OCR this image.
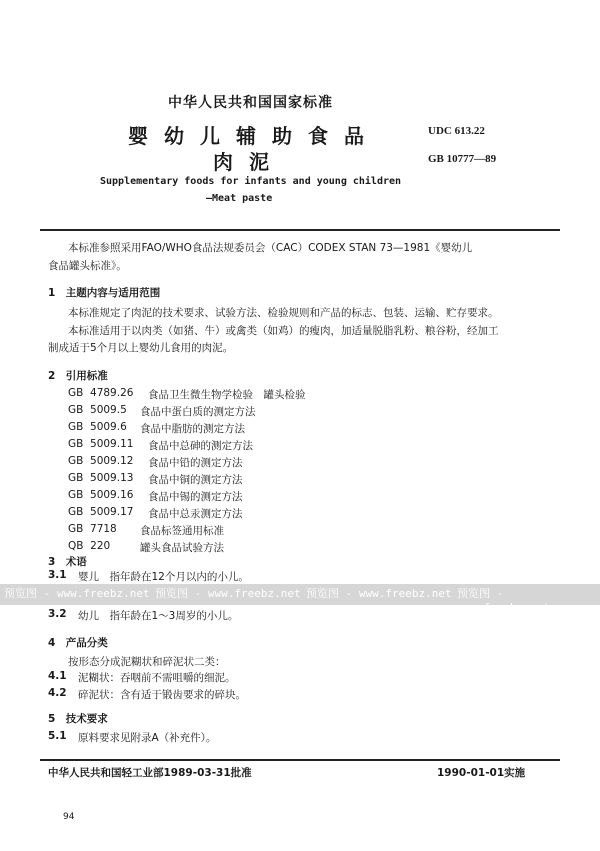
中华人民共和国国家标准
婴幼儿辅助食品
肉泥
UDC 613.22
GB 10777—89
Supplementary foods for infants and young children
—Meat paste
本标准参照采用FAO/WHO食品法规委员会（CAC）CODEX STAN 73—1981《婴幼儿
食品罐头标准》。
1　主题内容与适用范围
本标准规定了肉泥的技术要求、试验方法、检验规则和产品的标志、包装、运输、贮存要求。
本标准适用于以肉类（如猪、牛）或禽类（如鸡）的瘦肉，加适量脱脂乳粉、粮谷粉，经加工
制成适于5个月以上婴幼儿食用的肉泥。
2　引用标准
GB  4789.26 食品卫生微生物学检验　罐头检验
GB  5009.5 食品中蛋白质的测定方法
GB  5009.6 食品中脂肪的测定方法
GB  5009.11 食品中总砷的测定方法
GB  5009.12 食品中铅的测定方法
GB  5009.13 食品中铜的测定方法
GB  5009.16 食品中锡的测定方法
GB  5009.17 食品中总汞测定方法
GB  7718 食品标签通用标准
QB  220	罐头食品试验方法
3　术语
3.1 婴儿　指年龄在12个月以内的小儿。
预览图 - www.freebz.net 预览图 - www.freebz.net 预览图 - www.freebz.net 预览图 - www.freebz.net
3.2 幼儿　指年龄在1～3周岁的小儿。
4　产品分类
按形态分成泥糊状和碎泥状二类：
4.1 泥糊状：吞咽前不需咀嚼的细泥。
4.2 碎泥状：含有适于锻齿要求的碎块。
5　技术要求
5.1 原料要求见附录A（补充件）。
中华人民共和国轻工业部1989-03-31批准	1990-01-01实施
94
